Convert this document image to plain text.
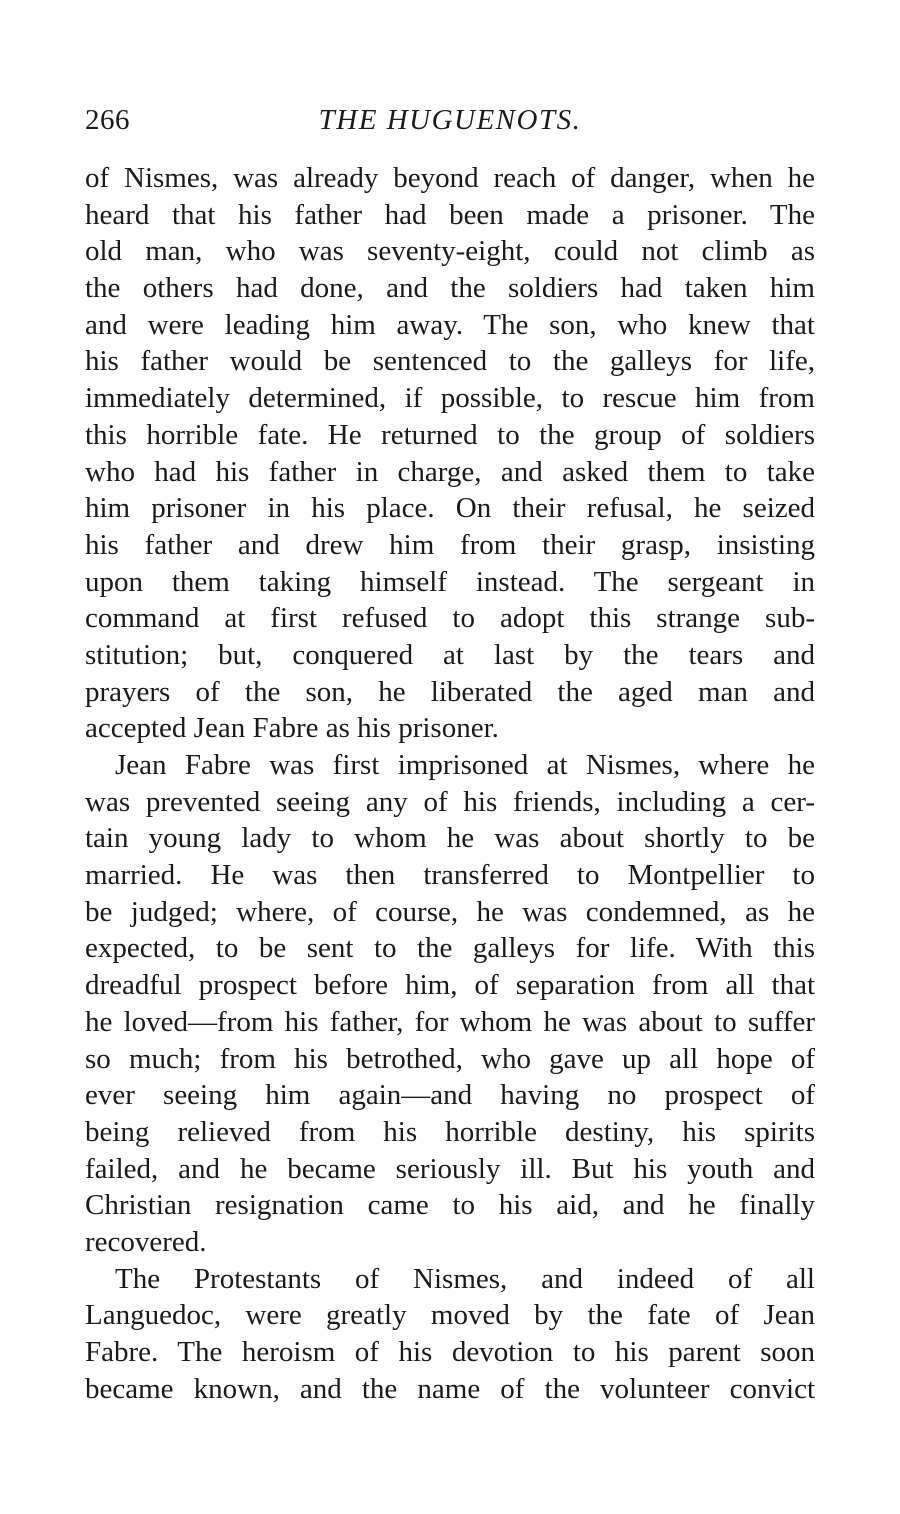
266	THE HUGUENOTS.
of Nismes, was already beyond reach of danger, when he
heard that his father had been made a prisoner. The
old man, who was seventy-eight, could not climb as
the others had done, and the soldiers had taken him
and were leading him away. The son, who knew that
his father would be sentenced to the galleys for life,
immediately determined, if possible, to rescue him from
this horrible fate. He returned to the group of soldiers
who had his father in charge, and asked them to take
him prisoner in his place. On their refusal, he seized
his father and drew him from their grasp, insisting
upon them taking himself instead. The sergeant in
command at first refused to adopt this strange sub-
stitution; but, conquered at last by the tears and
prayers of the son, he liberated the aged man and
accepted Jean Fabre as his prisoner.
Jean Fabre was first imprisoned at Nismes, where he
was prevented seeing any of his friends, including a cer-
tain young lady to whom he was about shortly to be
married. He was then transferred to Montpellier to
be judged; where, of course, he was condemned, as he
expected, to be sent to the galleys for life. With this
dreadful prospect before him, of separation from all that
he loved—from his father, for whom he was about to suffer
so much; from his betrothed, who gave up all hope of
ever seeing him again—and having no prospect of
being relieved from his horrible destiny, his spirits
failed, and he became seriously ill. But his youth and
Christian resignation came to his aid, and he finally
recovered.
The Protestants of Nismes, and indeed of all
Languedoc, were greatly moved by the fate of Jean
Fabre. The heroism of his devotion to his parent soon
became known, and the name of the volunteer convict
